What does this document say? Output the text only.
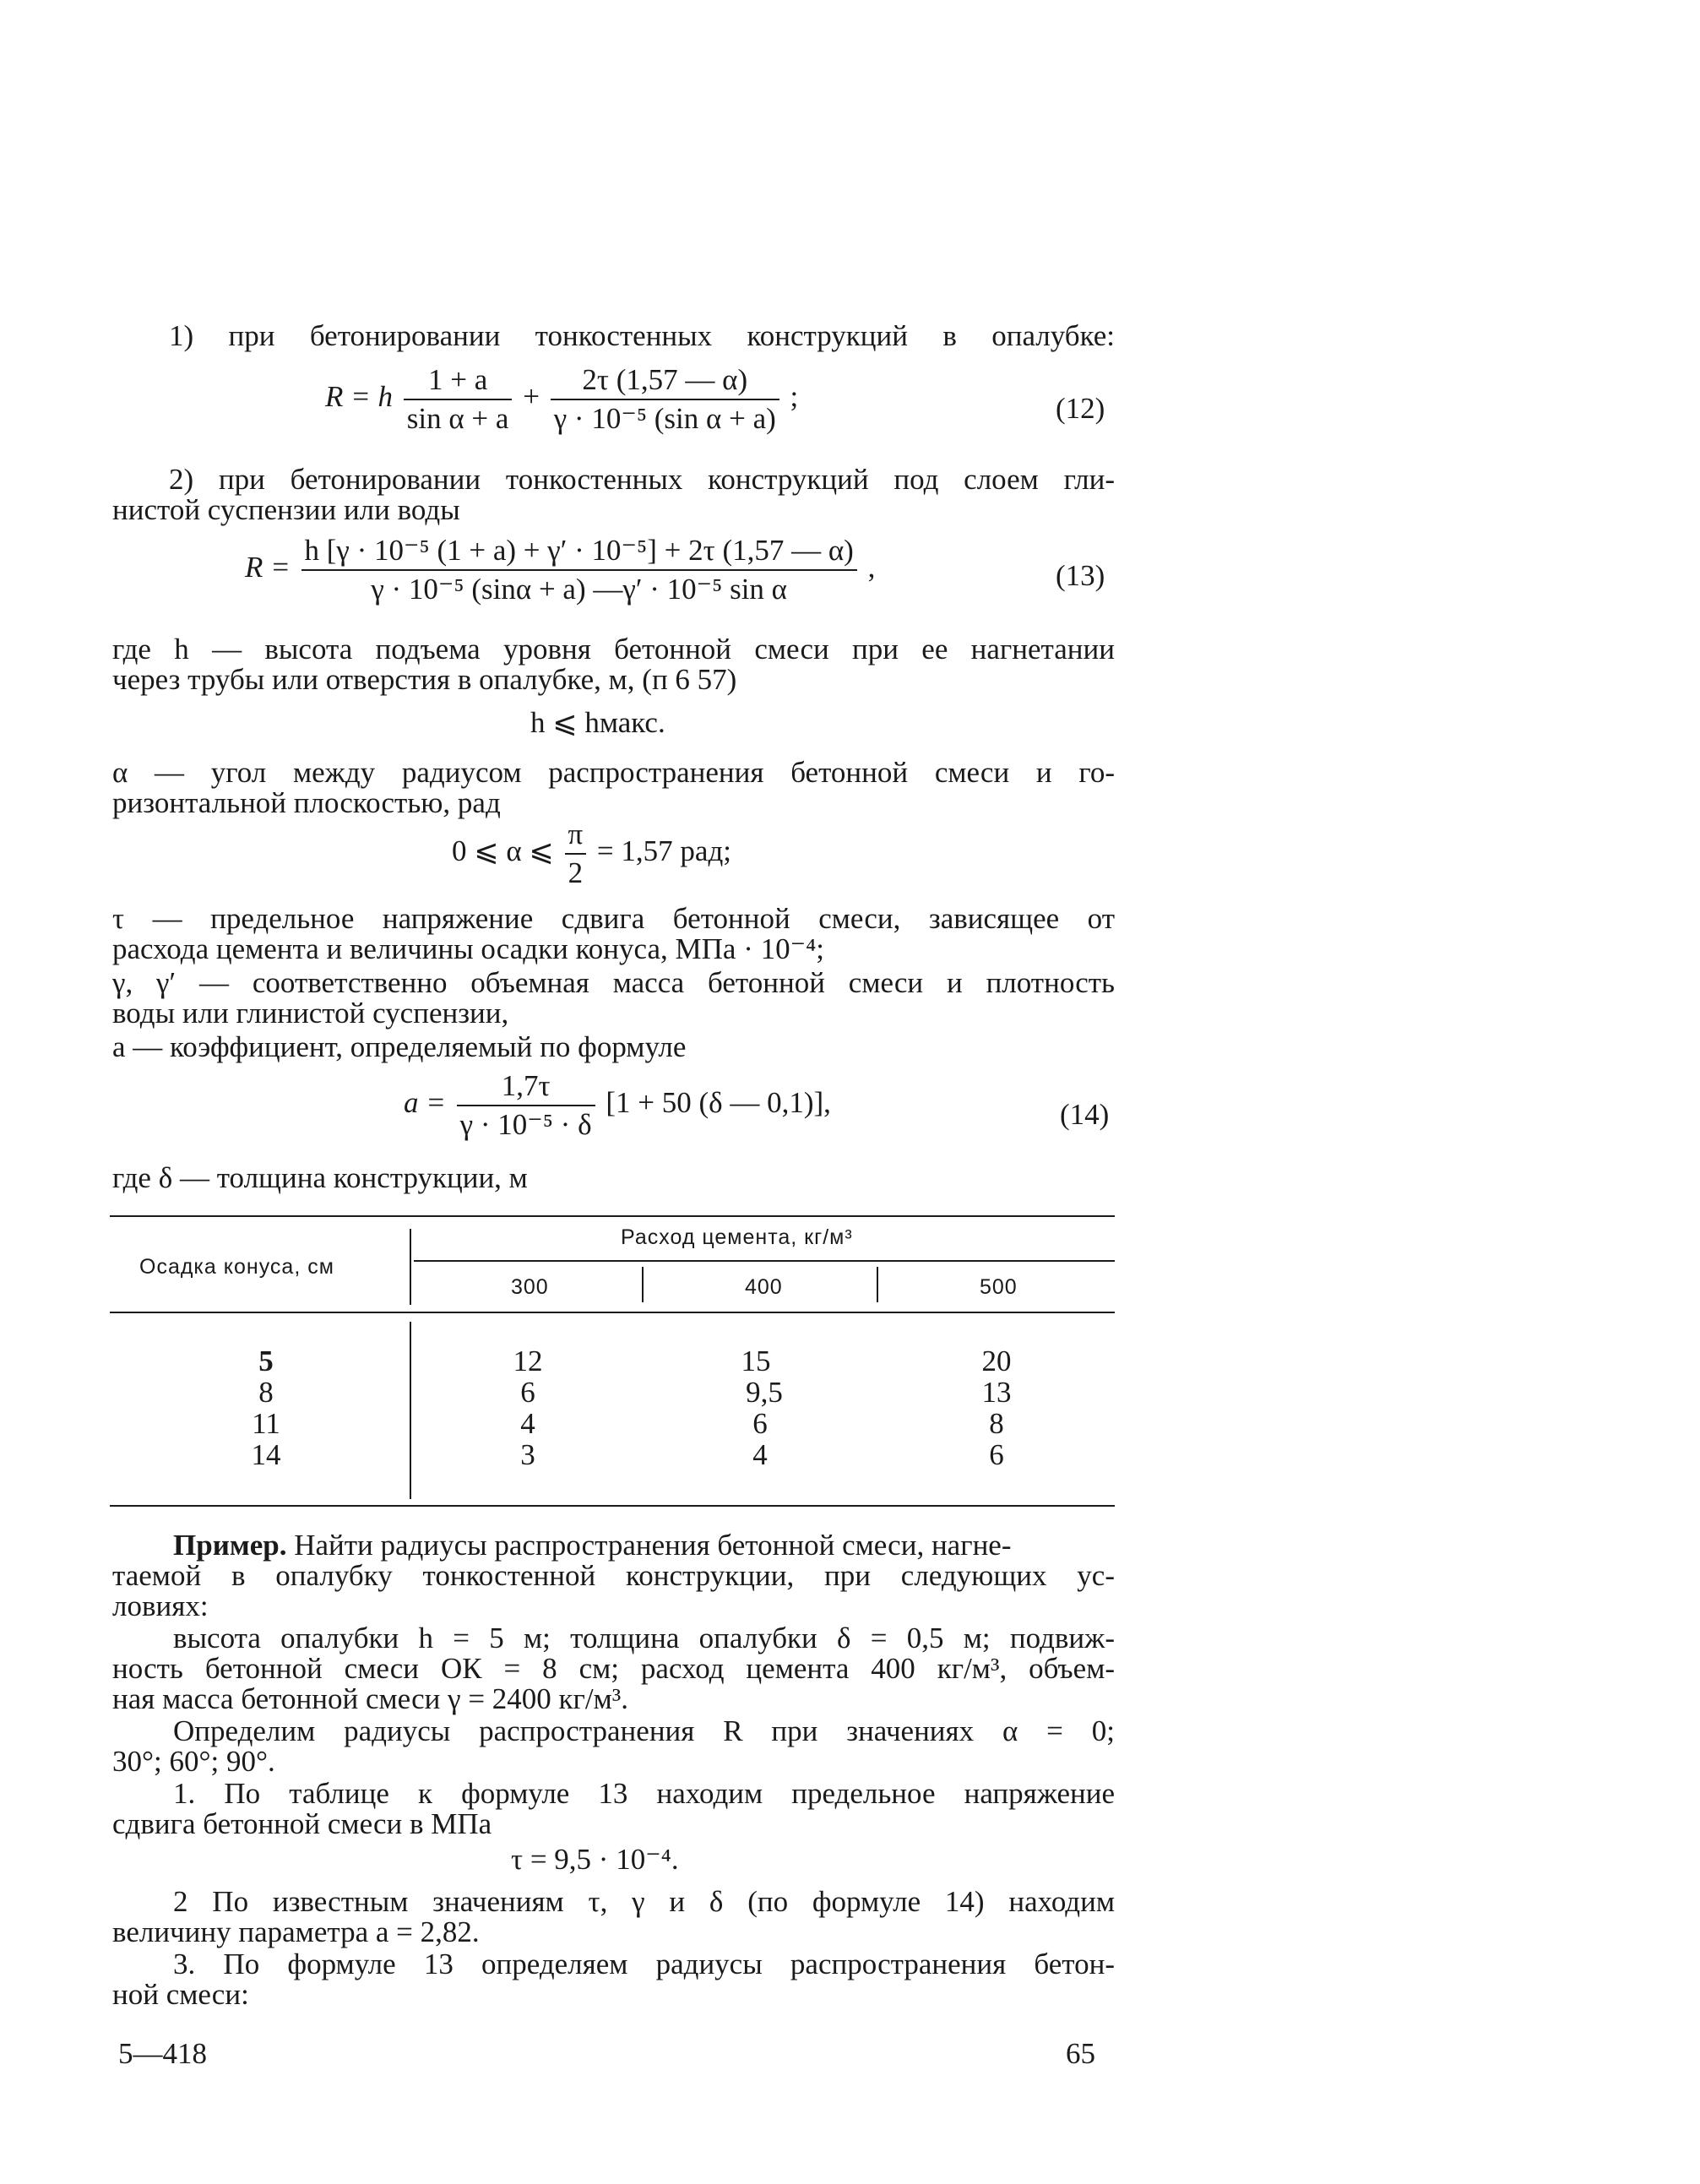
1) при бетонировании тонкостенных конструкций в опалубке:
R = h $\frac{1 + a}{\text{sin α + a}} + \frac{2\tau (1,57 — \alpha)}{\text{γ · 10⁻⁵ (sin α + a)}}$ ;	(12)
2) при бетонировании тонкостенных конструкций под слоем гли-
нистой суспензии или воды
$R = \frac{\text{h [γ · 10⁻⁵ (1 + a) + γ′ · 10⁻⁵] + 2τ (1,57 — α)}}{\text{γ · 10⁻⁵ (sinα + a) —γ′ · 10⁻⁵ sin α}}$ ,	(13)
где h — высота подъема уровня бетонной смеси при ее нагнетании
через трубы или отверстия в опалубке, м, (п 6 57)
h ⩽ hмакс.
α — угол между радиусом распространения бетонной смеси и го-
ризонтальной плоскостью, рад
0 ⩽ α ⩽ $\frac{\pi}{2} = 1,57$ рад;
τ — предельное напряжение сдвига бетонной смеси, зависящее от
расхода цемента и величины осадки конуса, МПа · 10⁻⁴;
γ, γ′ — соответственно объемная масса бетонной смеси и плотность
воды или глинистой суспензии,
a — коэффициент, определяемый по формуле
$a = \frac{1,7\tau}{\text{γ · 10⁻⁵ · δ}} [1 + 50$ (δ — 0,1)],	(14)
где δ — толщина конструкции, м
Осадка конуса, см
Расход цемента, кг/м³
300	400	500
5	12	15	20
8	6	9,5	13
11	4	6	8
14	3	4	6
Пример. Найти радиусы распространения бетонной смеси, нагне-
таемой в опалубку тонкостенной конструкции, при следующих ус-
ловиях:
высота опалубки h = 5 м; толщина опалубки δ = 0,5 м; подвиж-
ность бетонной смеси ОК = 8 см; расход цемента 400 кг/м³, объем-
ная масса бетонной смеси γ = 2400 кг/м³.
Определим радиусы распространения R при значениях α = 0;
30°; 60°; 90°.
1. По таблице к формуле 13 находим предельное напряжение
сдвига бетонной смеси в МПа
τ = 9,5 · 10⁻⁴.
2 По известным значениям τ, γ и δ (по формуле 14) находим
величину параметра a = 2,82.
3. По формуле 13 определяем радиусы распространения бетон-
ной смеси:
5—418	65
